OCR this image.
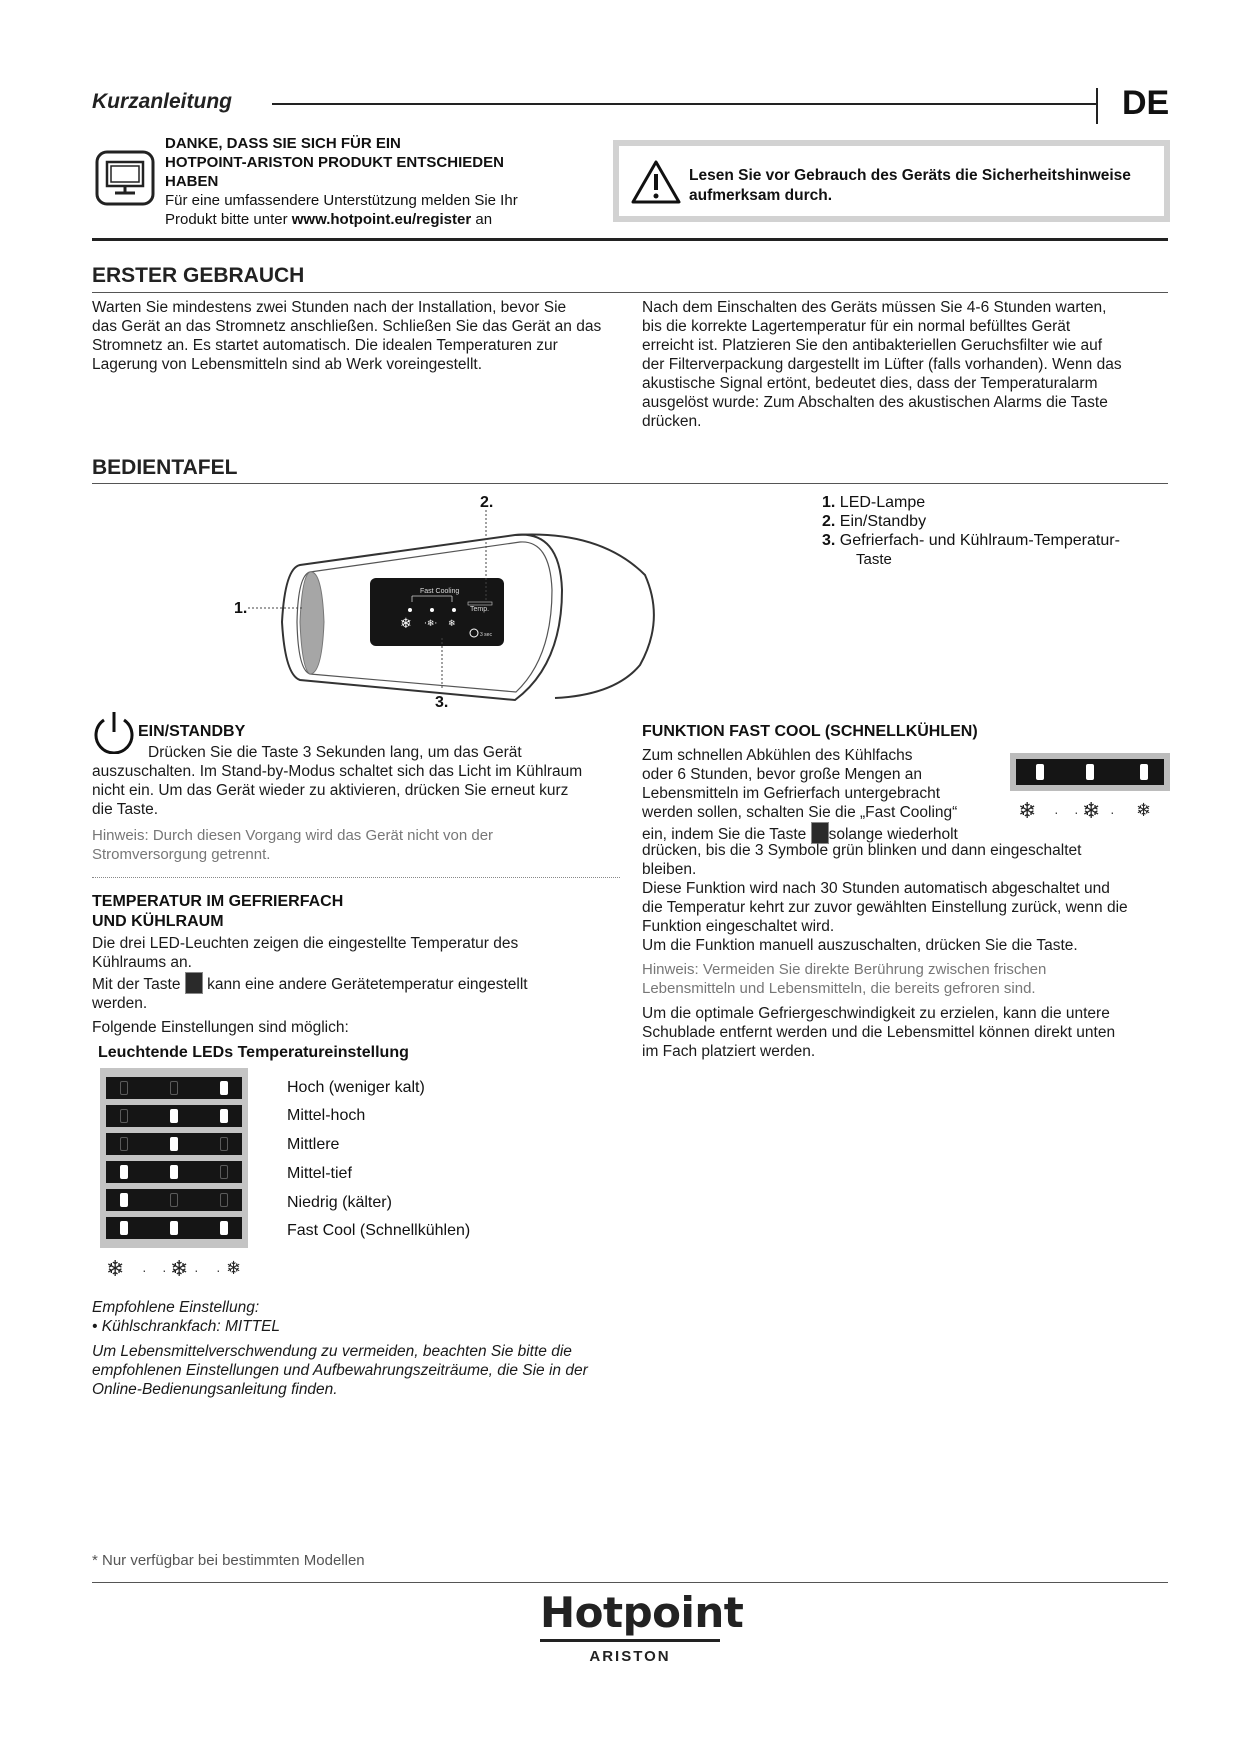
Kurzanleitung	DE
DANKE, DASS SIE SICH FÜR EIN
HOTPOINT-ARISTON PRODUKT ENTSCHIEDEN
HABEN
Für eine umfassendere Unterstützung melden Sie Ihr
Produkt bitte unter www.hotpoint.eu/register an
Lesen Sie vor Gebrauch des Geräts die Sicherheitshinweise
aufmerksam durch.
ERSTER GEBRAUCH
Warten Sie mindestens zwei Stunden nach der Installation, bevor Sie
das Gerät an das Stromnetz anschließen. Schließen Sie das Gerät an das
Stromnetz an. Es startet automatisch. Die idealen Temperaturen zur
Lagerung von Lebensmitteln sind ab Werk voreingestellt.
Nach dem Einschalten des Geräts müssen Sie 4-6 Stunden warten,
bis die korrekte Lagertemperatur für ein normal befülltes Gerät
erreicht ist. Platzieren Sie den antibakteriellen Geruchsfilter wie auf
der Filterverpackung dargestellt im Lüfter (falls vorhanden). Wenn das
akustische Signal ertönt, bedeutet dies, dass der Temperaturalarm
ausgelöst wurde: Zum Abschalten des akustischen Alarms die Taste
drücken.
BEDIENTAFEL
Fast Cooling
❄ ·❄· ❄
Temp.
3 sec
2.
1.
3.
1. LED-Lampe
2. Ein/Standby
3. Gefrierfach- und Kühlraum-Temperatur-
Taste
EIN/STANDBY
Drücken Sie die Taste 3 Sekunden lang, um das Gerät
auszuschalten. Im Stand-by-Modus schaltet sich das Licht im Kühlraum
nicht ein. Um das Gerät wieder zu aktivieren, drücken Sie erneut kurz
die Taste.
Hinweis: Durch diesen Vorgang wird das Gerät nicht von der
Stromversorgung getrennt.
TEMPERATUR IM GEFRIERFACH
UND KÜHLRAUM
Die drei LED-Leuchten zeigen die eingestellte Temperatur des
Kühlraums an.
Mit der Taste kann eine andere Gerätetemperatur eingestellt
werden.
Folgende Einstellungen sind möglich:
Leuchtende LEDs Temperatureinstellung
Hoch (weniger kalt)
Mittel-hoch
Mittlere
Mittel-tief
Niedrig (kälter)
Fast Cool (Schnellkühlen)
❄ · · ❄ · · ❄
Empfohlene Einstellung:
• Kühlschrankfach: MITTEL
Um Lebensmittelverschwendung zu vermeiden, beachten Sie bitte die
empfohlenen Einstellungen und Aufbewahrungszeiträume, die Sie in der
Online-Bedienungsanleitung finden.
FUNKTION FAST COOL (SCHNELLKÜHLEN)
Zum schnellen Abkühlen des Kühlfachs
oder 6 Stunden, bevor große Mengen an
Lebensmitteln im Gefrierfach untergebracht
werden sollen, schalten Sie die „Fast Cooling“
ein, indem Sie die Taste solange wiederholt
❄ · · ❄ · ❄
drücken, bis die 3 Symbole grün blinken und dann eingeschaltet
bleiben.
Diese Funktion wird nach 30 Stunden automatisch abgeschaltet und
die Temperatur kehrt zur zuvor gewählten Einstellung zurück, wenn die
Funktion eingeschaltet wird.
Um die Funktion manuell auszuschalten, drücken Sie die Taste.
Hinweis: Vermeiden Sie direkte Berührung zwischen frischen
Lebensmitteln und Lebensmitteln, die bereits gefroren sind.
Um die optimale Gefriergeschwindigkeit zu erzielen, kann die untere
Schublade entfernt werden und die Lebensmittel können direkt unten
im Fach platziert werden.
* Nur verfügbar bei bestimmten Modellen
Hotpoint
ARISTON
